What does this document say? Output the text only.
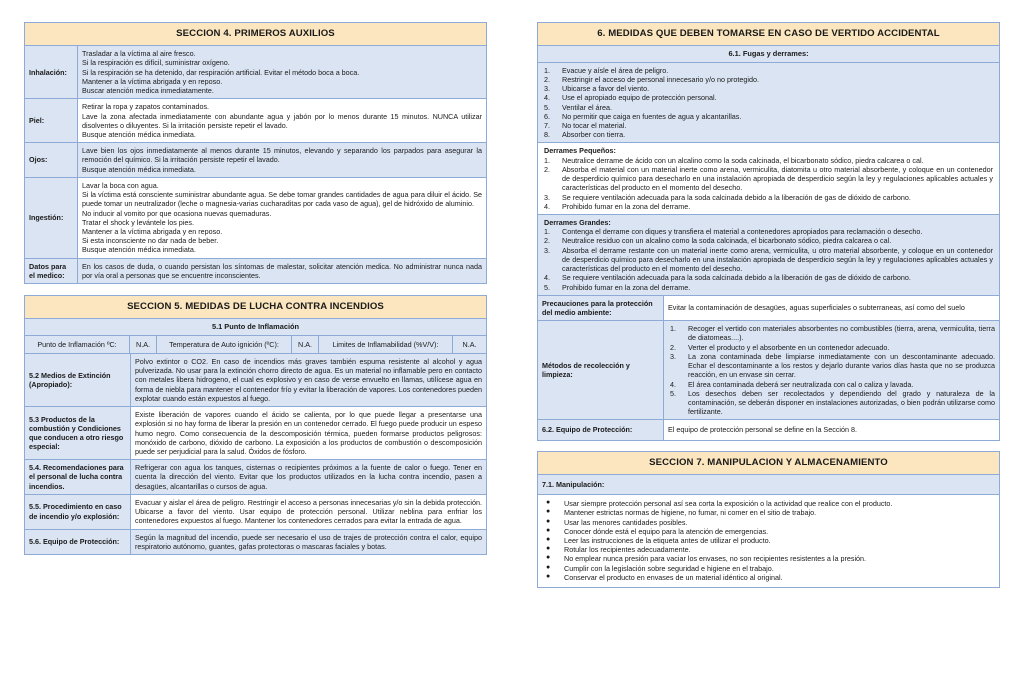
SECCION 4. PRIMEROS AUXILIOS
Inhalación:
Trasladar a la víctima al aire fresco.
Si la respiración es difícil, suministrar oxígeno.
Si la respiración se ha detenido, dar respiración artificial. Evitar el método boca a boca.
Mantener a la víctima abrigada y en reposo.
Buscar atención medica inmediatamente.
Piel:
Retirar la ropa y zapatos contaminados.
Lave la zona afectada inmediatamente con abundante agua y jabón por lo menos durante 15 minutos. NUNCA utilizar disolventes o diluyentes. Si la irritación persiste repetir el lavado.
Busque atención médica inmediata.
Ojos:
Lave bien los ojos inmediatamente al menos durante 15 minutos, elevando y separando los parpados para asegurar la remoción del químico. Si la irritación persiste repetir el lavado.
Busque atención médica inmediata.
Ingestión:
Lavar la boca con agua.
Si la víctima está consciente suministrar abundante agua. Se debe tomar grandes cantidades de agua para diluir el ácido. Se puede tomar un neutralizador (leche o magnesia-varias cucharaditas por cada vaso de agua), gel de hidróxido de aluminio.
No inducir al vomito por que ocasiona nuevas quemaduras.
Tratar el shock y levántele los pies.
Mantener a la víctima abrigada y en reposo.
Si esta inconsciente no dar nada de beber.
Busque atención médica inmediata.
Datos para el medico:
En los casos de duda, o cuando persistan los síntomas de malestar, solicitar atención medica. No administrar nunca nada por vía oral a personas que se encuentre inconscientes.
SECCION 5. MEDIDAS DE LUCHA CONTRA INCENDIOS
5.1 Punto de Inflamación
Punto de Inflamación ºC:	N.A.	Temperatura de Auto ignición (ºC):	N.A.	Limites de Inflamabilidad (%V/V):	N.A.
5.2 Medios de Extinción (Apropiado):
Polvo extintor o CO2. En caso de incendios más graves también espuma resistente al alcohol y agua pulverizada. No usar para la extinción chorro directo de agua. Es un material no inflamable pero en contacto con metales libera hidrogeno, el cual es explosivo y en caso de verse envuelto en llamas, utilícese agua en forma de niebla para mantener el contenedor frío y evitar la liberación de vapores. Los contenedores pueden explotar cuando están expuestos al fuego.
5.3 Productos de la combustión y Condiciones que conducen a otro riesgo especial:
Existe liberación de vapores cuando el ácido se calienta, por lo que puede llegar a presentarse una explosión si no hay forma de liberar la presión en un contenedor cerrado. El fuego puede producir un espeso humo negro. Como consecuencia de la descomposición térmica, pueden formarse productos peligrosos: monóxido de carbono, dióxido de carbono. La exposición a los productos de combustión o descomposición puede ser perjudicial para la salud. Óxidos de fósforo.
5.4. Recomendaciones para el personal de lucha contra incendios.
Refrigerar con agua los tanques, cisternas o recipientes próximos a la fuente de calor o fuego. Tener en cuenta la dirección del viento. Evitar que los productos utilizados en la lucha contra incendio, pasen a desagües, alcantarillas o cursos de agua.
5.5. Procedimiento en caso de incendio y/o explosión:
Evacuar y aislar el área de peligro. Restringir el acceso a personas innecesarias y/o sin la debida protección. Ubicarse a favor del viento. Usar equipo de protección personal. Utilizar neblina para enfriar los contenedores expuestos al fuego. Mantener los contenedores cerrados para evitar la entrada de agua.
5.6. Equipo de Protección:
Según la magnitud del incendio, puede ser necesario el uso de trajes de protección contra el calor, equipo respiratorio autónomo, guantes, gafas protectoras o mascaras faciales y botas.
6. MEDIDAS QUE DEBEN TOMARSE EN CASO DE VERTIDO ACCIDENTAL
6.1. Fugas y derrames:
1.	Evacue y aísle el área de peligro.
2.	Restringir el acceso de personal innecesario y/o no protegido.
3.	Ubicarse a favor del viento.
4.	Use el apropiado equipo de protección personal.
5.	Ventilar el área.
6.	No permitir que caiga en fuentes de agua y alcantarillas.
7.	No tocar el material.
8.	Absorber con tierra.
Derrames Pequeños:
1.	Neutralice derrame de ácido con un alcalino como la soda calcinada, el bicarbonato sódico, piedra calcarea o cal.
2.	Absorba el material con un material inerte como arena, vermiculita, diatomita u otro material absorbente, y coloque en un contenedor de desperdicio químico para desecharlo en una instalación apropiada de desperdicio según la ley y regulaciones aplicables actuales y características del producto en el momento del desecho.
3.	Se requiere ventilación adecuada para la soda calcinada debido a la liberación de gas de dióxido de carbono.
4.	Prohibido fumar en la zona del derrame.
Derrames Grandes:
1.	Contenga el derrame con diques y transfiera el material a contenedores apropiados para reclamación o desecho.
2.	Neutralice residuo con un alcalino como la soda calcinada, el bicarbonato sódico, piedra calcarea o cal.
3.	Absorba el derrame restante con un material inerte como arena, vermiculita, u otro material absorbente, y coloque en un contenedor de desperdicio químico para desecharlo en una instalación apropiada de desperdicio según la ley y regulaciones aplicables actuales y características del producto en el momento del desecho.
4.	Se requiere ventilación adecuada para la soda calcinada debido a la liberación de gas de dióxido de carbono.
5.	Prohibido fumar en la zona del derrame.
Precauciones para la protección del medio ambiente:
Evitar la contaminación de desagües, aguas superficiales o subterraneas, así como del suelo
Métodos de recolección y limpieza:
1.	Recoger el vertido con materiales absorbentes no combustibles (tierra, arena, vermiculita, tierra de diatomeas....).
2.	Verter el producto y el absorbente en un contenedor adecuado.
3.	La zona contaminada debe limpiarse inmediatamente con un descontaminante adecuado. Echar el descontaminante a los restos y dejarlo durante varios días hasta que no se produzca reacción, en un envase sin cerrar.
4.	El área contaminada deberá ser neutralizada con cal o caliza y lavada.
5.	Los desechos deben ser recolectados y dependiendo del grado y naturaleza de la contaminación, se deberán disponer en instalaciones autorizadas, o bien podrán utilizarse como fertilizante.
6.2. Equipo de Protección:	El equipo de protección personal se define en la Sección 8.
SECCION 7. MANIPULACION Y ALMACENAMIENTO
7.1. Manipulación:
●	Usar siempre protección personal así sea corta la exposición o la actividad que realice con el producto.
●	Mantener estrictas normas de higiene, no fumar, ni comer en el sitio de trabajo.
●	Usar las menores cantidades posibles.
●	Conocer dónde está el equipo para la atención de emergencias.
●	Leer las instrucciones de la etiqueta antes de utilizar el producto.
●	Rotular los recipientes adecuadamente.
●	No emplear nunca presión para vaciar los envases, no son recipientes resistentes a la presión.
●	Cumplir con la legislación sobre seguridad e higiene en el trabajo.
●	Conservar el producto en envases de un material idéntico al original.
